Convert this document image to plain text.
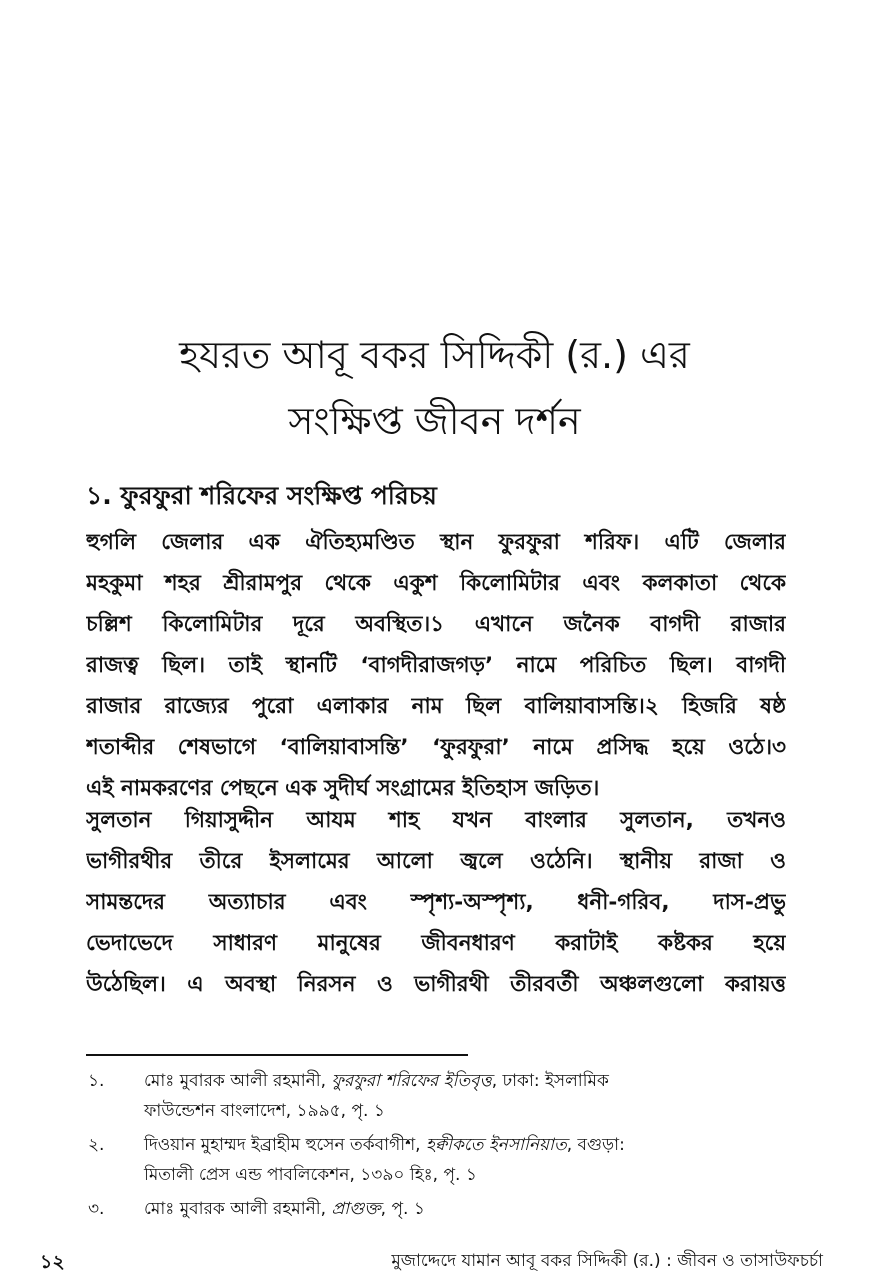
হযরত আবূ বকর সিদ্দিকী (র.) এর
সংক্ষিপ্ত জীবন দর্শন
১. ফুরফুরা শরিফের সংক্ষিপ্ত পরিচয়
হুগলি জেলার এক ঐতিহ্যমণ্ডিত স্থান ফুরফুরা শরিফ। এটি জেলার
মহকুমা শহর শ্রীরামপুর থেকে একুশ কিলোমিটার এবং কলকাতা থেকে
চল্লিশ কিলোমিটার দূরে অবস্থিত।১ এখানে জনৈক বাগদী রাজার
রাজত্ব ছিল। তাই স্থানটি ‘বাগদীরাজগড়’ নামে পরিচিত ছিল। বাগদী
রাজার রাজ্যের পুরো এলাকার নাম ছিল বালিয়াবাসন্তি।২ হিজরি ষষ্ঠ
শতাব্দীর শেষভাগে ‘বালিয়াবাসন্তি’ ‘ফুরফুরা’ নামে প্রসিদ্ধ হয়ে ওঠে।৩
এই নামকরণের পেছনে এক সুদীর্ঘ সংগ্রামের ইতিহাস জড়িত।
সুলতান গিয়াসুদ্দীন আযম শাহ যখন বাংলার সুলতান, তখনও
ভাগীরথীর তীরে ইসলামের আলো জ্বলে ওঠেনি। স্থানীয় রাজা ও
সামন্তদের অত্যাচার এবং স্পৃশ্য-অস্পৃশ্য, ধনী-গরিব, দাস-প্রভু
ভেদাভেদে সাধারণ মানুষের জীবনধারণ করাটাই কষ্টকর হয়ে
উঠেছিল। এ অবস্থা নিরসন ও ভাগীরথী তীরবর্তী অঞ্চলগুলো করায়ত্ত
১. মোঃ মুবারক আলী রহমানী, ফুরফুরা শরিফের ইতিবৃত্ত, ঢাকা: ইসলামিক
ফাউন্ডেশন বাংলাদেশ, ১৯৯৫, পৃ. ১
২. দিওয়ান মুহাম্মদ ইব্রাহীম হুসেন তর্কবাগীশ, হক্বীকতে ইনসানিয়াত, বগুড়া:
মিতালী প্রেস এন্ড পাবলিকেশন, ১৩৯০ হিঃ, পৃ. ১
৩. মোঃ মুবারক আলী রহমানী, প্রাগুক্ত, পৃ. ১
১২	মুজাদ্দেদে যামান আবূ বকর সিদ্দিকী (র.) : জীবন ও তাসাউফচর্চা
